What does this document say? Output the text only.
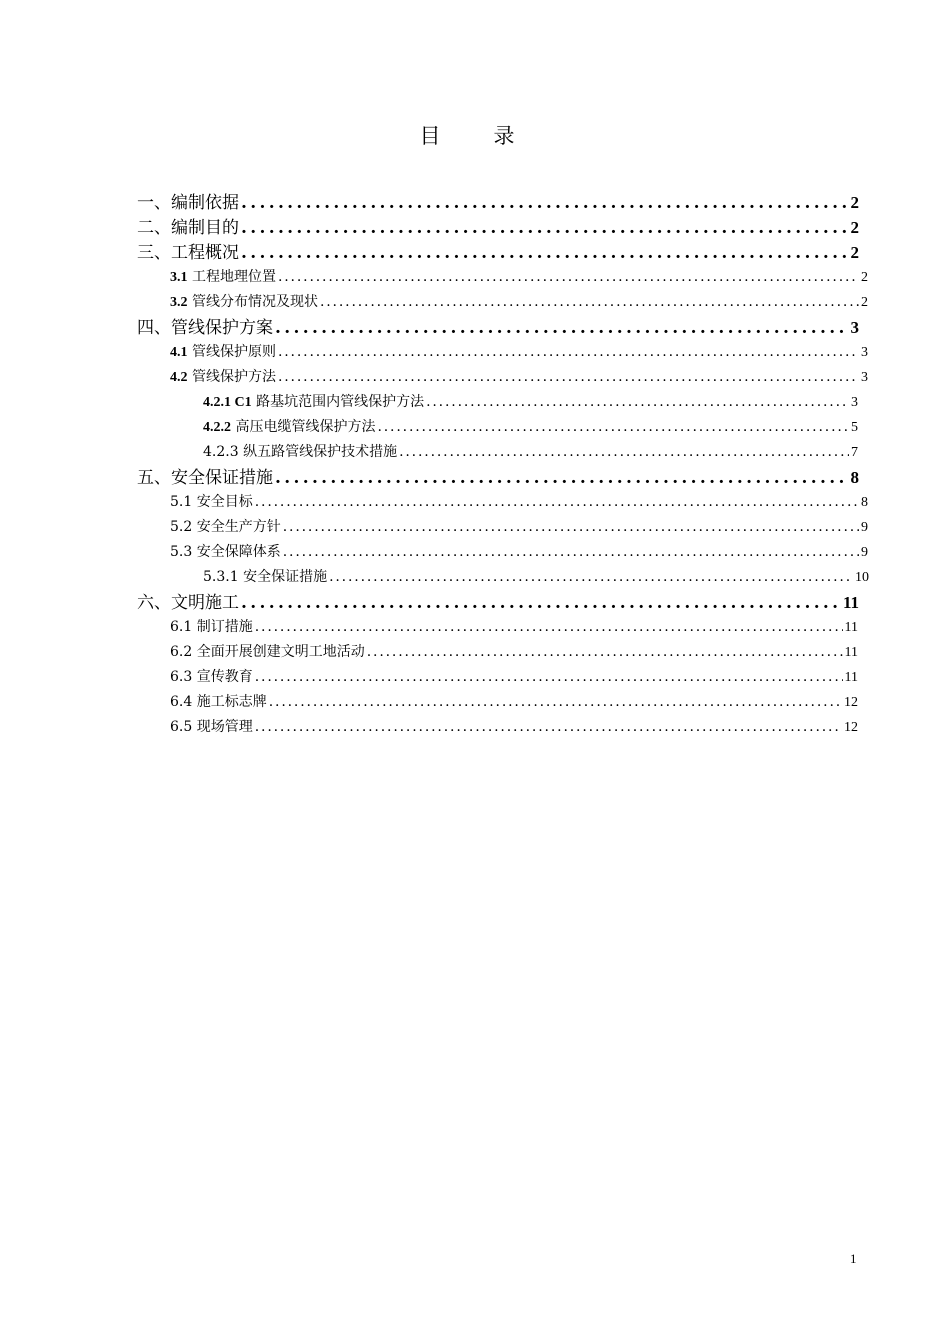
目　录
一、编制依据 . . .	2
二、编制目的 . . .	2
三、工程概况 . . .	2
3.1 工程地理位置 . . .	2
3.2 管线分布情况及现状 . . .	2
四、管线保护方案 . . .	3
4.1 管线保护原则 . . .	3
4.2 管线保护方法 . . .	3
4.2.1 C1 路基坑范围内管线保护方法 . . .	3
4.2.2 高压电缆管线保护方法 . . .	5
4.2.3 纵五路管线保护技术措施 . . .	7
五、安全保证措施 . . .	8
5.1 安全目标 . . .	8
5.2 安全生产方针 . . .	9
5.3 安全保障体系 . . .	9
5.3.1 安全保证措施 . . .	10
六、文明施工 . . .	11
6.1 制订措施 . . .	11
6.2 全面开展创建文明工地活动 . . .	11
6.3 宣传教育 . . .	11
6.4 施工标志牌 . . .	12
6.5 现场管理 . . .	12
1
